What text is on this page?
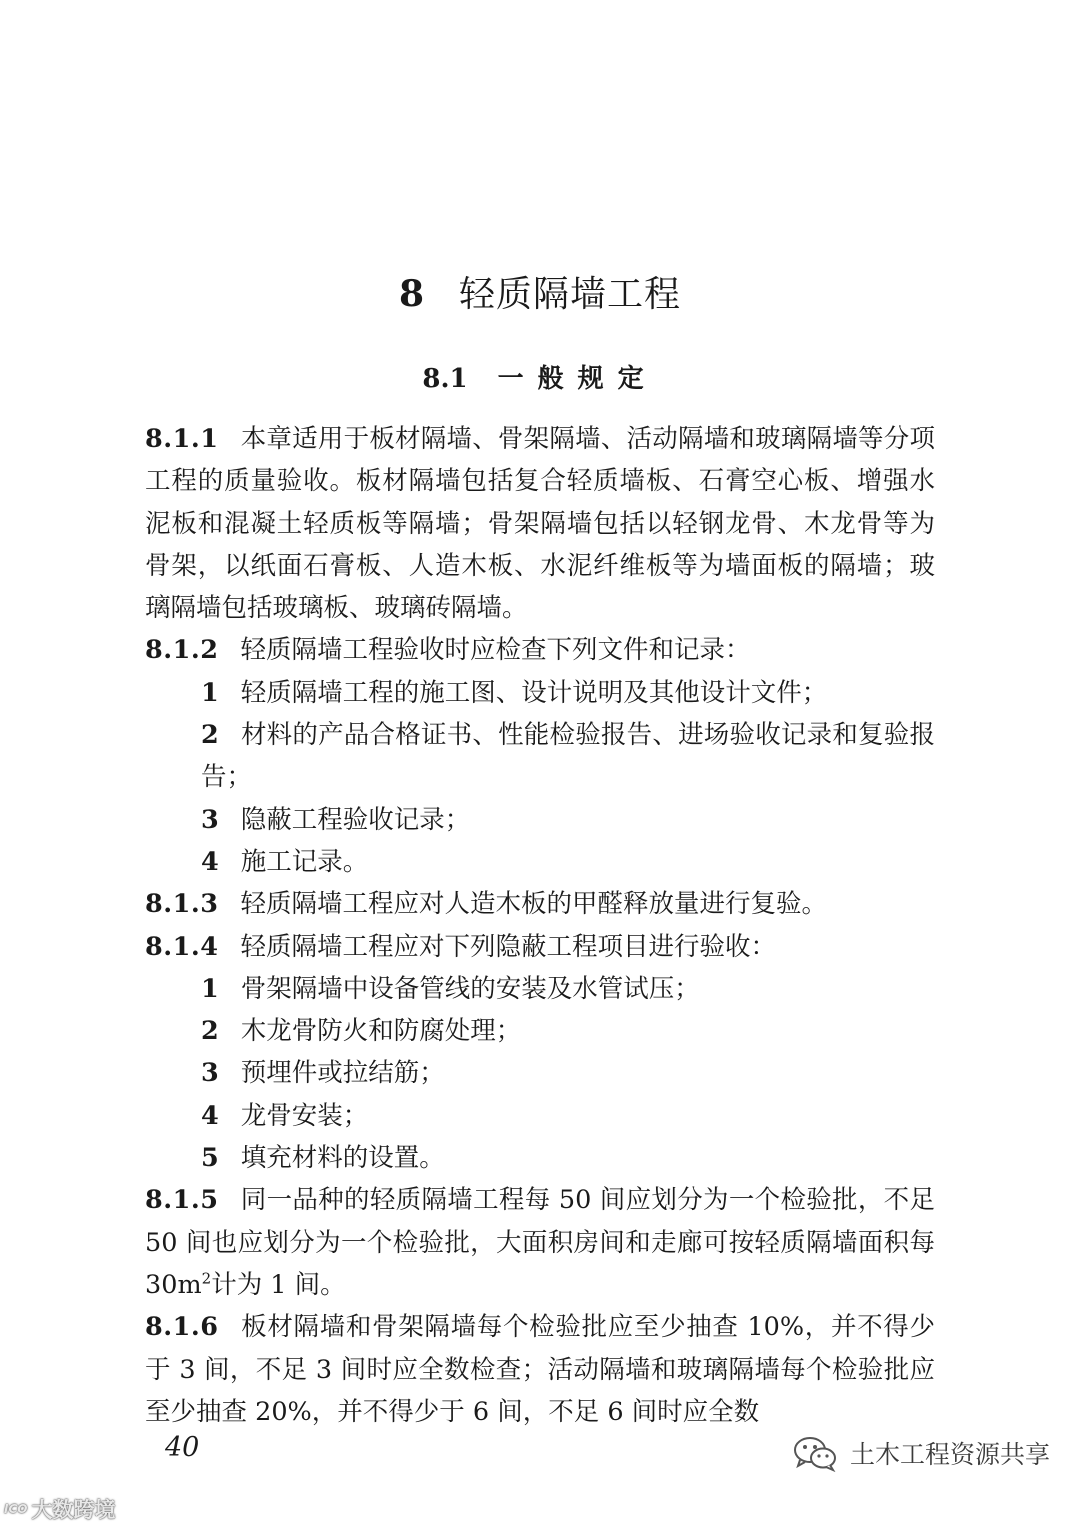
8 轻质隔墙工程
8.1 一般规定

8.1.1 本章适用于板材隔墙、骨架隔墙、活动隔墙和玻璃隔墙等分项工程的质量验收。板材隔墙包括复合轻质墙板、石膏空心板、增强水泥板和混凝土轻质板等隔墙；骨架隔墙包括以轻钢龙骨、木龙骨等为骨架，以纸面石膏板、人造木板、水泥纤维板等为墙面板的隔墙；玻璃隔墙包括玻璃板、玻璃砖隔墙。

8.1.2 轻质隔墙工程验收时应检查下列文件和记录：

1 轻质隔墙工程的施工图、设计说明及其他设计文件；

2 材料的产品合格证书、性能检验报告、进场验收记录和复验报告；

3 隐蔽工程验收记录；

4 施工记录。

8.1.3 轻质隔墙工程应对人造木板的甲醛释放量进行复验。

8.1.4 轻质隔墙工程应对下列隐蔽工程项目进行验收：

1 骨架隔墙中设备管线的安装及水管试压；

2 木龙骨防火和防腐处理；

3 预埋件或拉结筋；

4 龙骨安装；

5 填充材料的设置。

8.1.5 同一品种的轻质隔墙工程每 50 间应划分为一个检验批，不足 50 间也应划分为一个检验批，大面积房间和走廊可按轻质隔墙面积每 $30m^2$计为 1 间。

8.1.6 板材隔墙和骨架隔墙每个检验批应至少抽查 10%，并不得少于 3 间，不足 3 间时应全数检查；活动隔墙和玻璃隔墙每个检验批应至少抽查 20%，并不得少于 6 间，不足 6 间时应全数

40	土木工程资源共享
ICO 大数跨境
